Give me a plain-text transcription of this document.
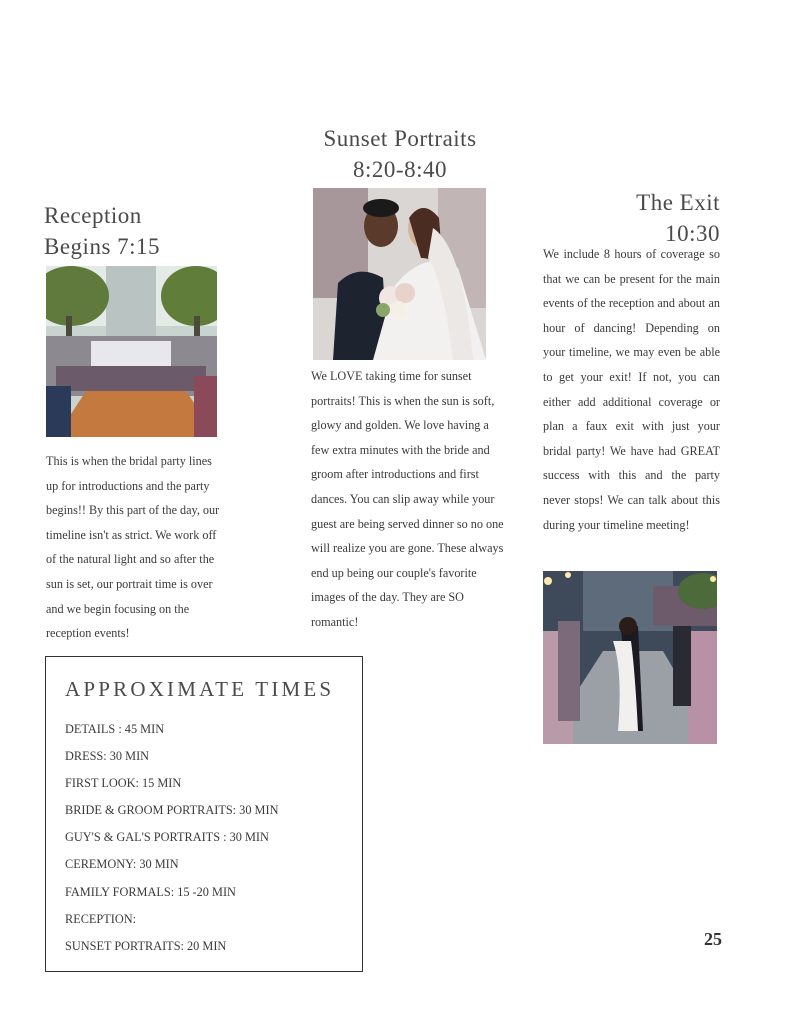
Reception
Begins 7:15

This is when the bridal party lines up for introductions and the party begins!! By this part of the day, our timeline isn't as strict. We work off of the natural light and so after the sun is set, our portrait time is over and we begin focusing on the reception events!

Sunset Portraits
8:20-8:40

We LOVE taking time for sunset portraits! This is when the sun is soft, glowy and golden. We love having a few extra minutes with the bride and groom after introductions and first dances. You can slip away while your guest are being served dinner so no one will realize you are gone. These always end up being our couple's favorite images of the day. They are SO romantic!

The Exit
10:30

We include 8 hours of coverage so that we can be present for the main events of the reception and about an hour of dancing! Depending on your timeline, we may even be able to get your exit! If not, you can either add additional coverage or plan a faux exit with just your bridal party! We have had GREAT success with this and the party never stops! We can talk about this during your timeline meeting!

APPROXIMATE TIMES
DETAILS : 45 MIN
DRESS: 30 MIN
FIRST LOOK: 15 MIN
BRIDE & GROOM PORTRAITS: 30 MIN
GUY'S & GAL'S PORTRAITS : 30 MIN
CEREMONY: 30 MIN
FAMILY FORMALS: 15 -20 MIN
RECEPTION:
SUNSET PORTRAITS: 20 MIN	25
